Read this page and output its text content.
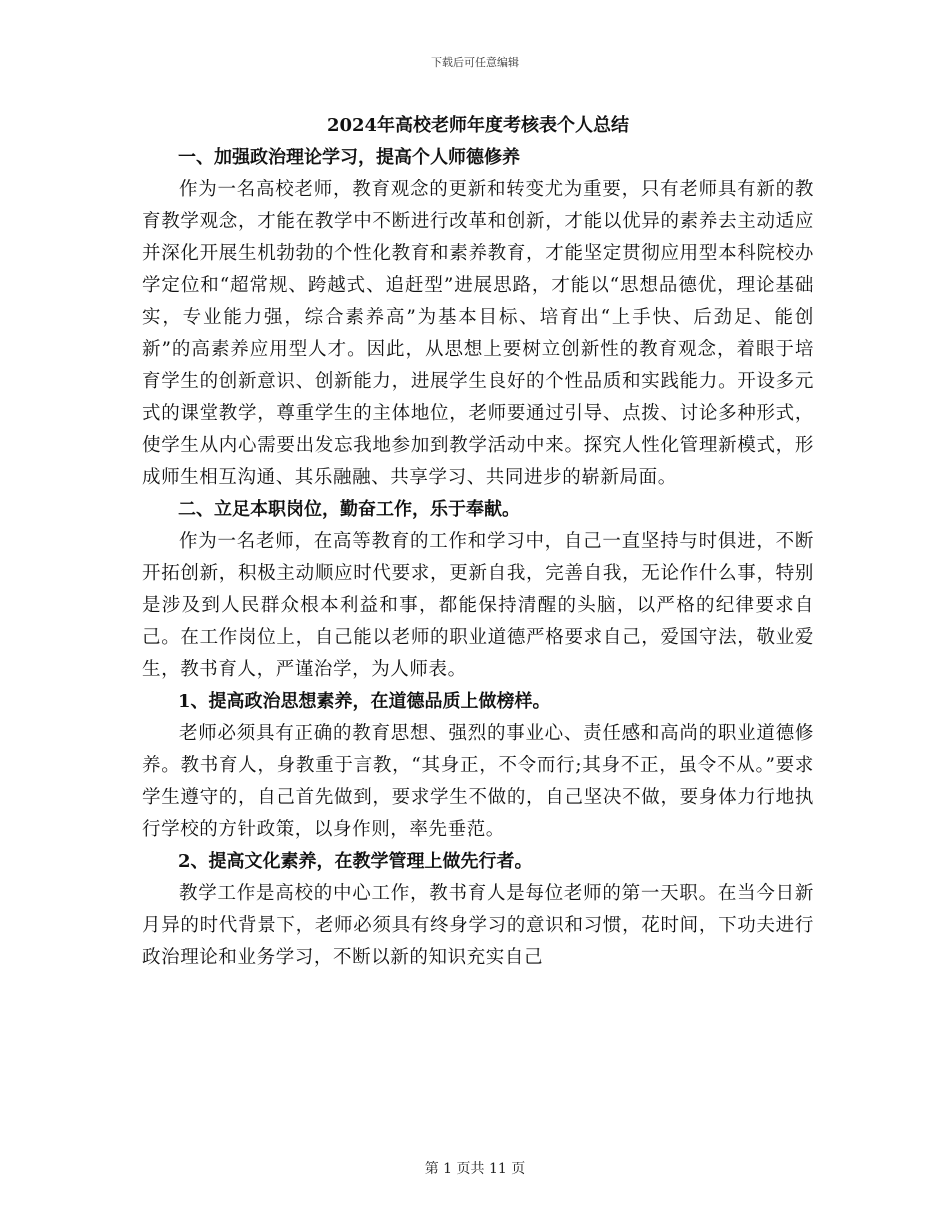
下载后可任意编辑
2024年高校老师年度考核表个人总结
一、加强政治理论学习，提高个人师德修养

作为一名高校老师，教育观念的更新和转变尤为重要，只有老师具有新的教育教学观念，才能在教学中不断进行改革和创新，才能以优异的素养去主动适应并深化开展生机勃勃的个性化教育和素养教育，才能坚定贯彻应用型本科院校办学定位和“超常规、跨越式、追赶型”进展思路，才能以“思想品德优，理论基础实，专业能力强，综合素养高”为基本目标、培育出“上手快、后劲足、能创新”的高素养应用型人才。因此，从思想上要树立创新性的教育观念，着眼于培育学生的创新意识、创新能力，进展学生良好的个性品质和实践能力。开设多元式的课堂教学，尊重学生的主体地位，老师要通过引导、点拨、讨论多种形式，使学生从内心需要出发忘我地参加到教学活动中来。探究人性化管理新模式，形成师生相互沟通、其乐融融、共享学习、共同进步的崭新局面。

二、立足本职岗位，勤奋工作，乐于奉献。

作为一名老师，在高等教育的工作和学习中，自己一直坚持与时俱进，不断开拓创新，积极主动顺应时代要求，更新自我，完善自我，无论作什么事，特别是涉及到人民群众根本利益和事，都能保持清醒的头脑，以严格的纪律要求自己。在工作岗位上，自己能以老师的职业道德严格要求自己，爱国守法，敬业爱生，教书育人，严谨治学，为人师表。

1、提高政治思想素养，在道德品质上做榜样。

老师必须具有正确的教育思想、强烈的事业心、责任感和高尚的职业道德修养。教书育人，身教重于言教，“其身正，不令而行;其身不正，虽令不从。”要求学生遵守的，自己首先做到，要求学生不做的，自己坚决不做，要身体力行地执行学校的方针政策，以身作则，率先垂范。

2、提高文化素养，在教学管理上做先行者。

教学工作是高校的中心工作，教书育人是每位老师的第一天职。在当今日新月异的时代背景下，老师必须具有终身学习的意识和习惯，花时间，下功夫进行政治理论和业务学习，不断以新的知识充实自己

第 1 页共 11 页
